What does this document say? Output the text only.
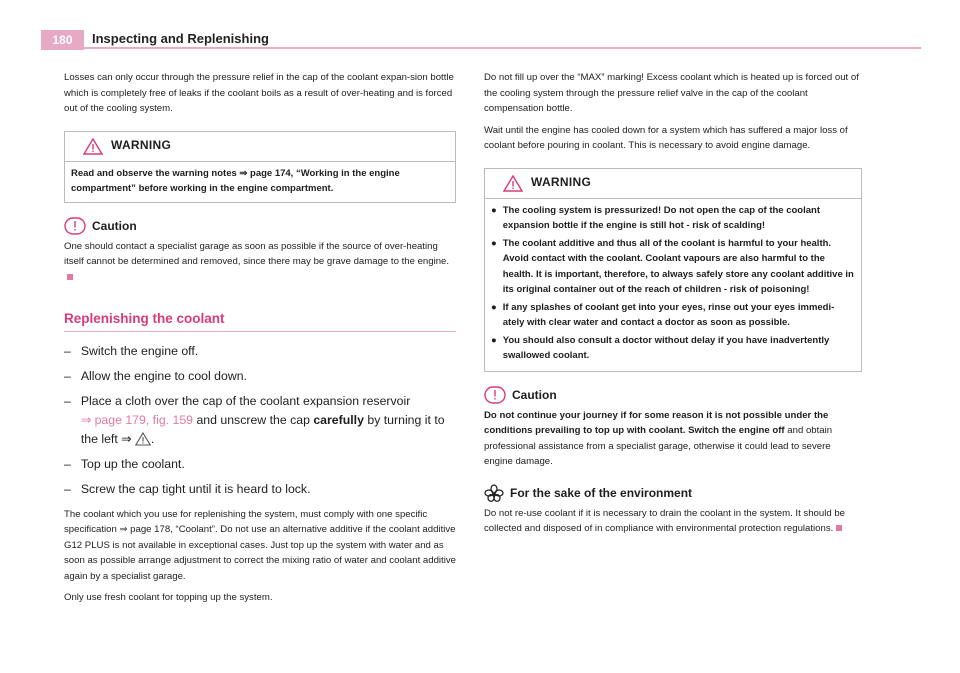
180	Inspecting and Replenishing

Losses can only occur through the pressure relief in the cap of the coolant expan-sion bottle which is completely free of leaks if the coolant boils as a result of over-heating and is forced out of the cooling system.

WARNING
Read and observe the warning notes ⇒ page 174, “Working in the engine compartment” before working in the engine compartment.
Caution

One should contact a specialist garage as soon as possible if the source of over-heating itself cannot be determined and removed, since there may be grave damage to the engine.

Replenishing the coolant
– Switch the engine off.
– Allow the engine to cool down.
– Place a cloth over the cap of the coolant expansion reservoir
⇒ page 179, fig. 159 and unscrew the cap carefully by turning it to the left ⇒
.
– Top up the coolant.
– Screw the cap tight until it is heard to lock.

The coolant which you use for replenishing the system, must comply with one specific specification ⇒ page 178, “Coolant”. Do not use an alternative additive if the coolant additive G12 PLUS is not available in exceptional cases. Just top up the system with water and as soon as possible arrange adjustment to correct the mixing ratio of water and coolant additive again by a specialist garage.

Only use fresh coolant for topping up the system.

Do not fill up over the “MAX” marking! Excess coolant which is heated up is forced out of the cooling system through the pressure relief valve in the cap of the coolant compensation bottle.

Wait until the engine has cooled down for a system which has suffered a major loss of coolant before pouring in coolant. This is necessary to avoid engine damage.

WARNING
● The cooling system is pressurized! Do not open the cap of the coolant expansion bottle if the engine is still hot - risk of scalding!
● The coolant additive and thus all of the coolant is harmful to your health. Avoid contact with the coolant. Coolant vapours are also harmful to the health. It is important, therefore, to always safely store any coolant additive in its original container out of the reach of children - risk of poisoning!
● If any splashes of coolant get into your eyes, rinse out your eyes immedi-ately with clear water and contact a doctor as soon as possible.
● You should also consult a doctor without delay if you have inadvertently swallowed coolant.
Caution

Do not continue your journey if for some reason it is not possible under the conditions prevailing to top up with coolant. Switch the engine off and obtain professional assistance from a specialist garage, otherwise it could lead to severe engine damage.

For the sake of the environment

Do not re-use coolant if it is necessary to drain the coolant in the system. It should be collected and disposed of in compliance with environmental protection regulations.
